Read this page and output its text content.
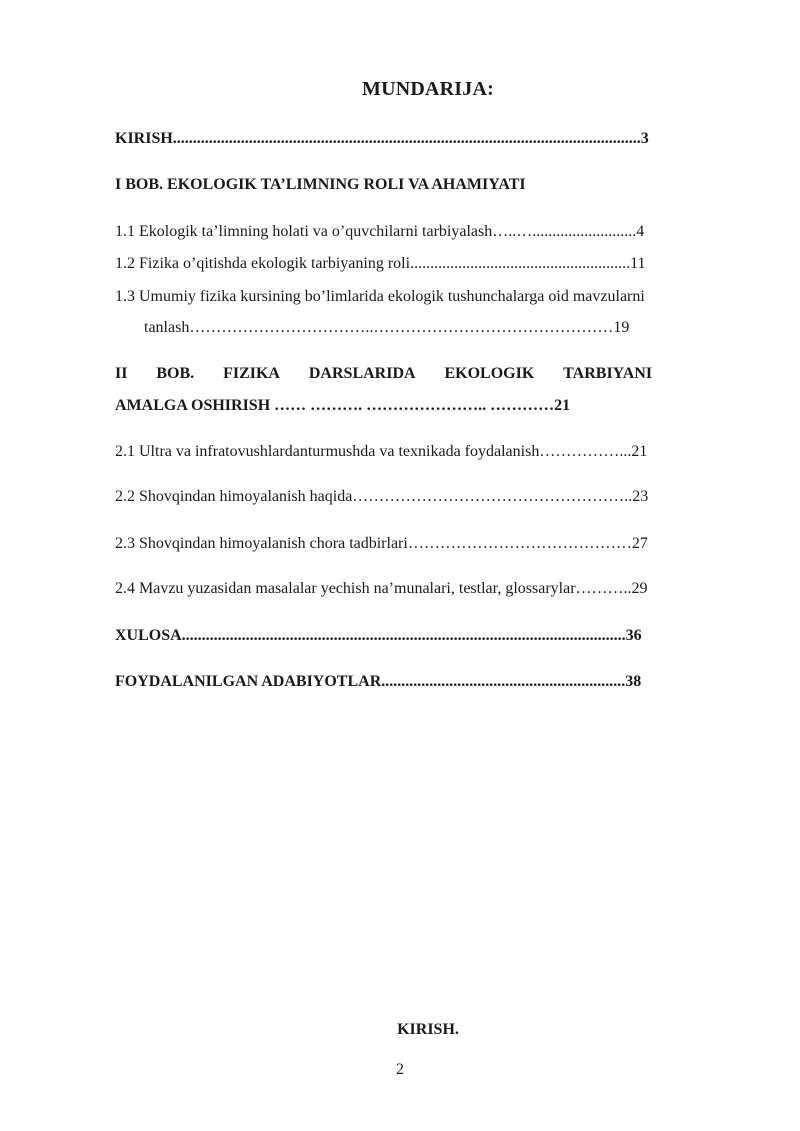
MUNDARIJA:
KIRISH.....................................................................................................................3
I BOB. EKOLOGIK TA’LIMNING ROLI VA AHAMIYATI
1.1 Ekologik ta’limning holati va o’quvchilarni tarbiyalash…..…..........................4
1.2 Fizika o’qitishda ekologik tarbiyaning roli.......................................................11
1.3 Umumiy fizika kursining bo’limlarida ekologik tushunchalarga oid mavzularni
tanlash……………………………..………………………………………19
II BOB. FIZIKA DARSLARIDA EKOLOGIK TARBIYANI
AMALGA OSHIRISH …… ………. ………………….. …………21
2.1 Ultra va infratovushlardanturmushda va texnikada foydalanish……………...21
2.2 Shovqindan himoyalanish haqida……………………………………………..23
2.3 Shovqindan himoyalanish chora tadbirlari……………………………………27
2.4 Mavzu yuzasidan masalalar yechish na’munalari, testlar, glossarylar………..29
XULOSA...............................................................................................................36
FOYDALANILGAN ADABIYOTLAR.............................................................38
KIRISH.
2
